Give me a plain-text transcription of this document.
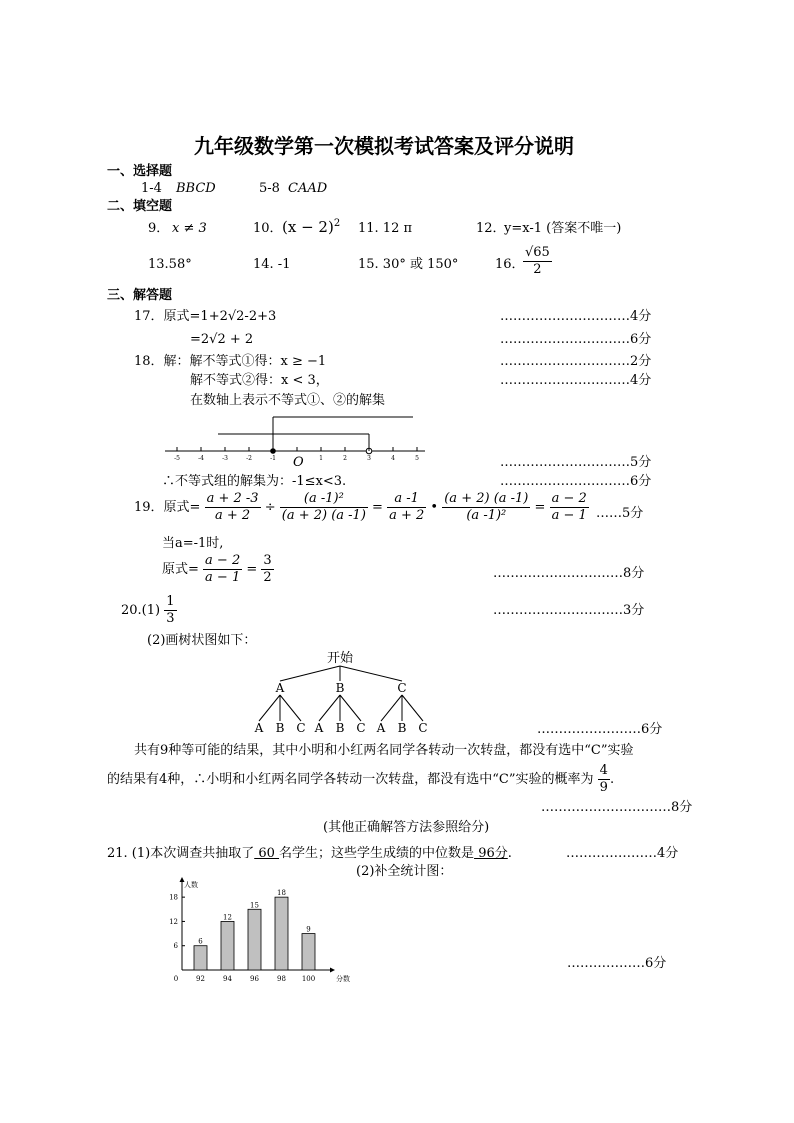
九年级数学第一次模拟考试答案及评分说明
一、选择题
1-4 BBCD	5-8 CAAD
二、填空题
9． x ≠ 3	10． $(x - 2)^2$ 11. 12 π	12．
y=x-1 (答案不唯一)
13.58°	14. -1	15. 30° 或 150°	16．
$\frac{√65}{2}$
三、解答题
17．原式=1+2√2-2+3	…………………………4分
=2√2 + 2	…………………………6分
18．解：解不等式①得：x ≥ −1	…………………………2分
解不等式②得：x < 3，	…………………………4分
在数轴上表示不等式①、②的解集
-5	-4	-3	-2	-1	1	2	3	4	5
O	…………………………5分
∴不等式组的解集为：-1≤x<3.	…………………………6分
19．原式= $\frac{a + 2 -3}{a + 2} \div \frac{\text{(a -1)²}}{(a + 2) (a -1)} = \frac{a -1}{a + 2}$ • $\frac{(a + 2) (a -1)}{\text{(a -1)²}} = \frac{a - 2}{a - 1}$ ……5分
当a=-1时,
原式= $\frac{a - 2}{a - 1} = \frac{3}{2}$	…………………………8分
$20.(1) \frac{1}{3}$	…………………………3分
(2)画树状图如下：
开始
A
A B C
B
A B C
C
A B C	……………………6分
共有9种等可能的结果，其中小明和小红两名同学各转动一次转盘，都没有选中“C”实验
的结果有4种，∴小明和小红两名同学各转动一次转盘，都没有选中“C”实验的概率为 $\frac{4}{9}$ .
…………………………8分
(其他正确解答方法参照给分)
21. (1)本次调查共抽取了 60 名学生；这些学生成绩的中位数是 96分.	…………………4分
(2)补全统计图：
人数
分数
0
6
12
18
6
92
12
94
15
96
18
98
9
100
………………6分
